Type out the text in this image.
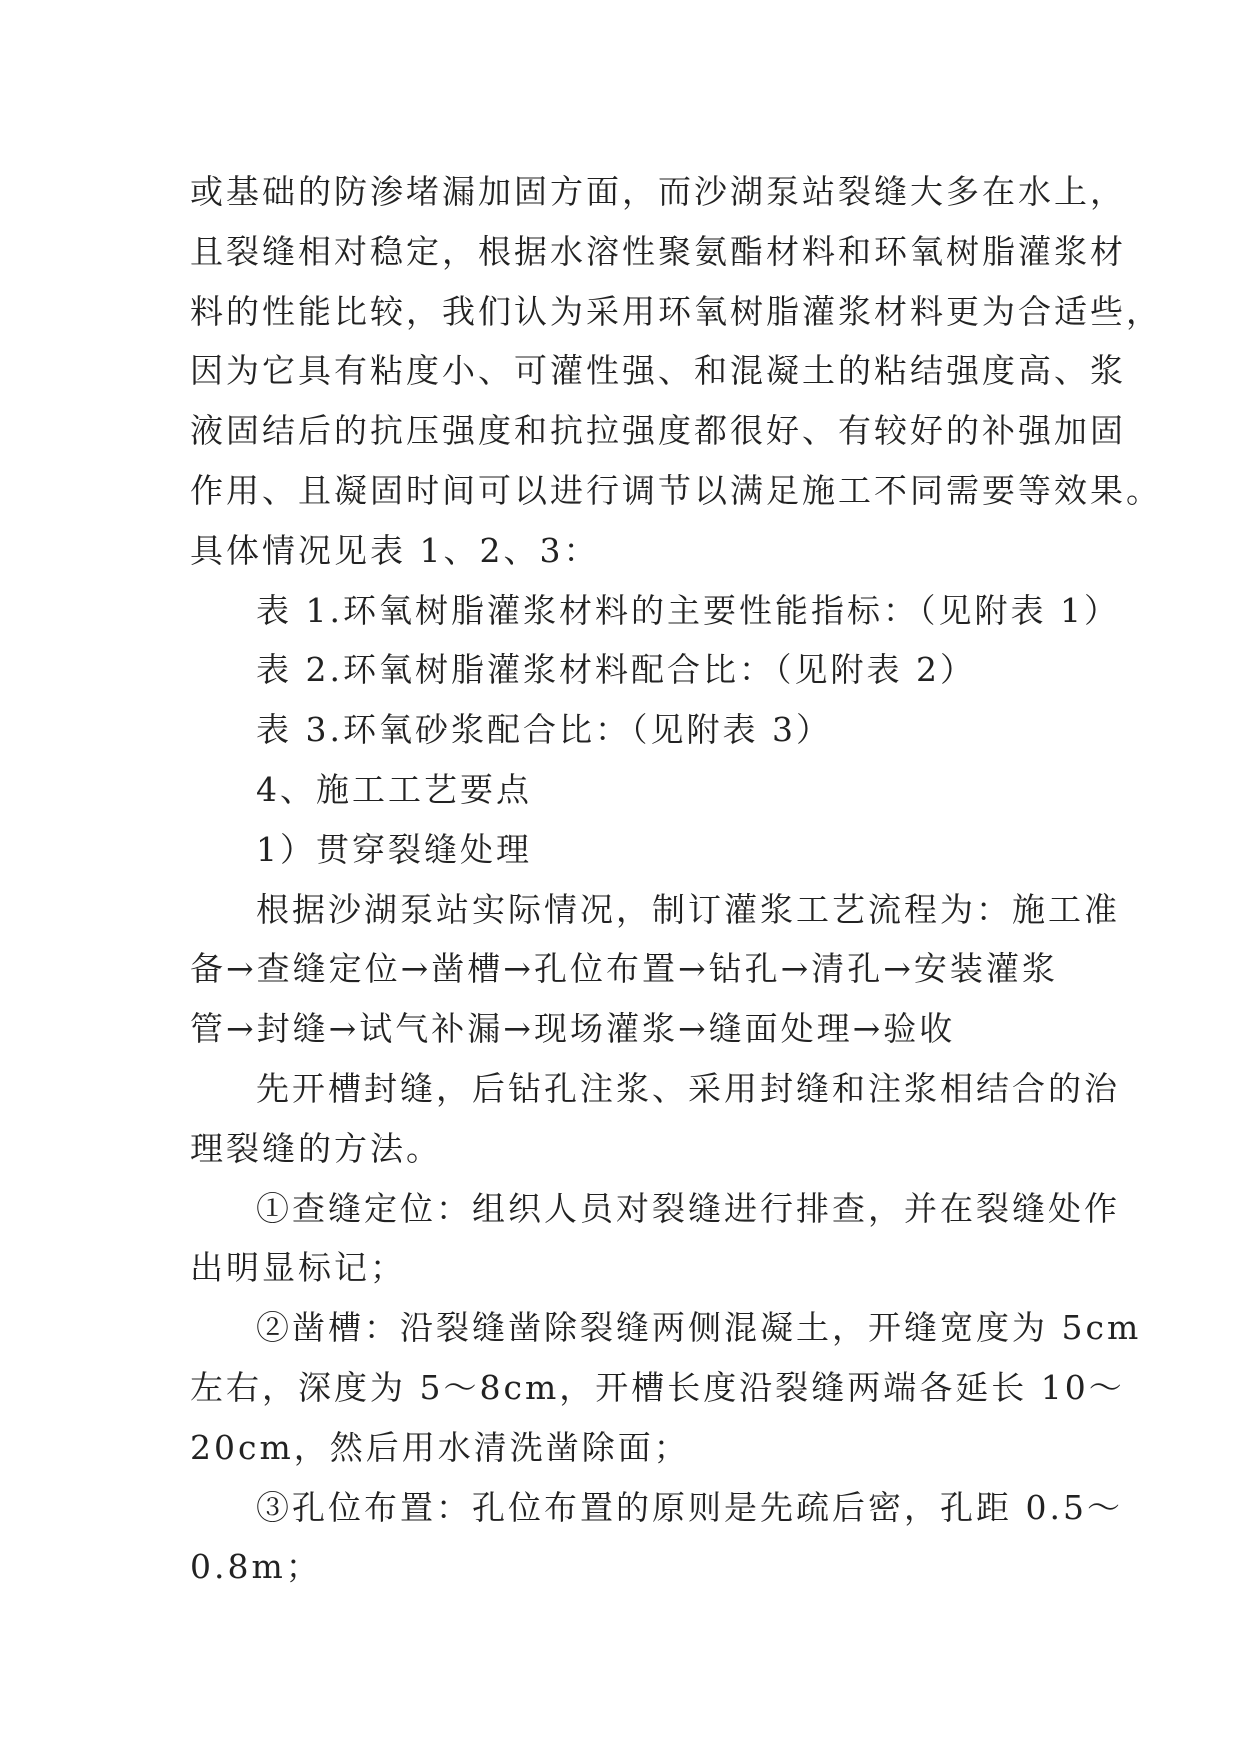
或基础的防渗堵漏加固方面，而沙湖泵站裂缝大多在水上，
且裂缝相对稳定，根据水溶性聚氨酯材料和环氧树脂灌浆材
料的性能比较，我们认为采用环氧树脂灌浆材料更为合适些，
因为它具有粘度小、可灌性强、和混凝土的粘结强度高、浆
液固结后的抗压强度和抗拉强度都很好、有较好的补强加固
作用、且凝固时间可以进行调节以满足施工不同需要等效果。
具体情况见表 1、2、3：
表 1.环氧树脂灌浆材料的主要性能指标：（见附表 1）
表 2.环氧树脂灌浆材料配合比：（见附表 2）
表 3.环氧砂浆配合比：（见附表 3）
4、施工工艺要点
1）贯穿裂缝处理
根据沙湖泵站实际情况，制订灌浆工艺流程为：施工准
备→查缝定位→凿槽→孔位布置→钻孔→清孔→安装灌浆
管→封缝→试气补漏→现场灌浆→缝面处理→验收
先开槽封缝，后钻孔注浆、采用封缝和注浆相结合的治
理裂缝的方法。
①查缝定位：组织人员对裂缝进行排查，并在裂缝处作
出明显标记；
②凿槽：沿裂缝凿除裂缝两侧混凝土，开缝宽度为 5cm
左右，深度为 5～8cm，开槽长度沿裂缝两端各延长 10～
20cm，然后用水清洗凿除面；
③孔位布置：孔位布置的原则是先疏后密，孔距 0.5～
0.8m；
